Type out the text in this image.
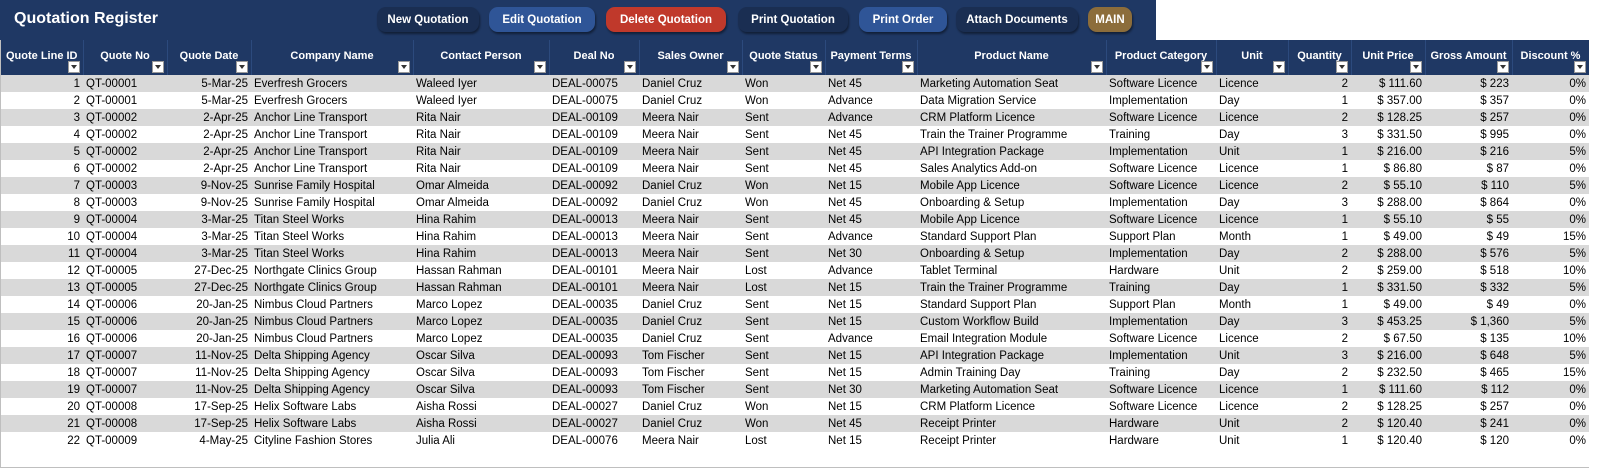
Quotation Register	New Quotation	Edit Quotation	Delete Quotation	Print Quotation	Print Order	Attach Documents	MAIN
Quote Line ID	Quote No	Quote Date	Company Name	Contact Person	Deal No	Sales Owner	Quote Status	Payment Terms	Product Name	Product Category	Unit	Quantity	Unit Price	Gross Amount	Discount %

1	QT-00001	5-Mar-25	Everfresh Grocers	Waleed Iyer	DEAL-00075	Daniel Cruz	Won	Net 45	Marketing Automation Seat	Software Licence	Licence	2	$ 111.60	$ 223	0%
2	QT-00001	5-Mar-25	Everfresh Grocers	Waleed Iyer	DEAL-00075	Daniel Cruz	Won	Advance	Data Migration Service	Implementation	Day	1	$ 357.00	$ 357	0%
3	QT-00002	2-Apr-25	Anchor Line Transport	Rita Nair	DEAL-00109	Meera Nair	Sent	Advance	CRM Platform Licence	Software Licence	Licence	2	$ 128.25	$ 257	0%
4	QT-00002	2-Apr-25	Anchor Line Transport	Rita Nair	DEAL-00109	Meera Nair	Sent	Net 45	Train the Trainer Programme	Training	Day	3	$ 331.50	$ 995	0%
5	QT-00002	2-Apr-25	Anchor Line Transport	Rita Nair	DEAL-00109	Meera Nair	Sent	Net 45	API Integration Package	Implementation	Unit	1	$ 216.00	$ 216	5%
6	QT-00002	2-Apr-25	Anchor Line Transport	Rita Nair	DEAL-00109	Meera Nair	Sent	Net 45	Sales Analytics Add-on	Software Licence	Licence	1	$ 86.80	$ 87	0%
7	QT-00003	9-Nov-25	Sunrise Family Hospital	Omar Almeida	DEAL-00092	Daniel Cruz	Won	Net 15	Mobile App Licence	Software Licence	Licence	2	$ 55.10	$ 110	5%
8	QT-00003	9-Nov-25	Sunrise Family Hospital	Omar Almeida	DEAL-00092	Daniel Cruz	Won	Net 45	Onboarding & Setup	Implementation	Day	3	$ 288.00	$ 864	0%
9	QT-00004	3-Mar-25	Titan Steel Works	Hina Rahim	DEAL-00013	Meera Nair	Sent	Net 45	Mobile App Licence	Software Licence	Licence	1	$ 55.10	$ 55	0%
10	QT-00004	3-Mar-25	Titan Steel Works	Hina Rahim	DEAL-00013	Meera Nair	Sent	Advance	Standard Support Plan	Support Plan	Month	1	$ 49.00	$ 49	15%
11	QT-00004	3-Mar-25	Titan Steel Works	Hina Rahim	DEAL-00013	Meera Nair	Sent	Net 30	Onboarding & Setup	Implementation	Day	2	$ 288.00	$ 576	5%
12	QT-00005	27-Dec-25	Northgate Clinics Group	Hassan Rahman	DEAL-00101	Meera Nair	Lost	Advance	Tablet Terminal	Hardware	Unit	2	$ 259.00	$ 518	10%
13	QT-00005	27-Dec-25	Northgate Clinics Group	Hassan Rahman	DEAL-00101	Meera Nair	Lost	Net 15	Train the Trainer Programme	Training	Day	1	$ 331.50	$ 332	5%
14	QT-00006	20-Jan-25	Nimbus Cloud Partners	Marco Lopez	DEAL-00035	Daniel Cruz	Sent	Net 15	Standard Support Plan	Support Plan	Month	1	$ 49.00	$ 49	0%
15	QT-00006	20-Jan-25	Nimbus Cloud Partners	Marco Lopez	DEAL-00035	Daniel Cruz	Sent	Net 15	Custom Workflow Build	Implementation	Day	3	$ 453.25	$ 1,360	5%
16	QT-00006	20-Jan-25	Nimbus Cloud Partners	Marco Lopez	DEAL-00035	Daniel Cruz	Sent	Advance	Email Integration Module	Software Licence	Licence	2	$ 67.50	$ 135	10%
17	QT-00007	11-Nov-25	Delta Shipping Agency	Oscar Silva	DEAL-00093	Tom Fischer	Sent	Net 15	API Integration Package	Implementation	Unit	3	$ 216.00	$ 648	5%
18	QT-00007	11-Nov-25	Delta Shipping Agency	Oscar Silva	DEAL-00093	Tom Fischer	Sent	Net 15	Admin Training Day	Training	Day	2	$ 232.50	$ 465	15%
19	QT-00007	11-Nov-25	Delta Shipping Agency	Oscar Silva	DEAL-00093	Tom Fischer	Sent	Net 30	Marketing Automation Seat	Software Licence	Licence	1	$ 111.60	$ 112	0%
20	QT-00008	17-Sep-25	Helix Software Labs	Aisha Rossi	DEAL-00027	Daniel Cruz	Won	Net 15	CRM Platform Licence	Software Licence	Licence	2	$ 128.25	$ 257	0%
21	QT-00008	17-Sep-25	Helix Software Labs	Aisha Rossi	DEAL-00027	Daniel Cruz	Won	Net 45	Receipt Printer	Hardware	Unit	2	$ 120.40	$ 241	0%
22	QT-00009	4-May-25	Cityline Fashion Stores	Julia Ali	DEAL-00076	Meera Nair	Lost	Net 15	Receipt Printer	Hardware	Unit	1	$ 120.40	$ 120	0%
